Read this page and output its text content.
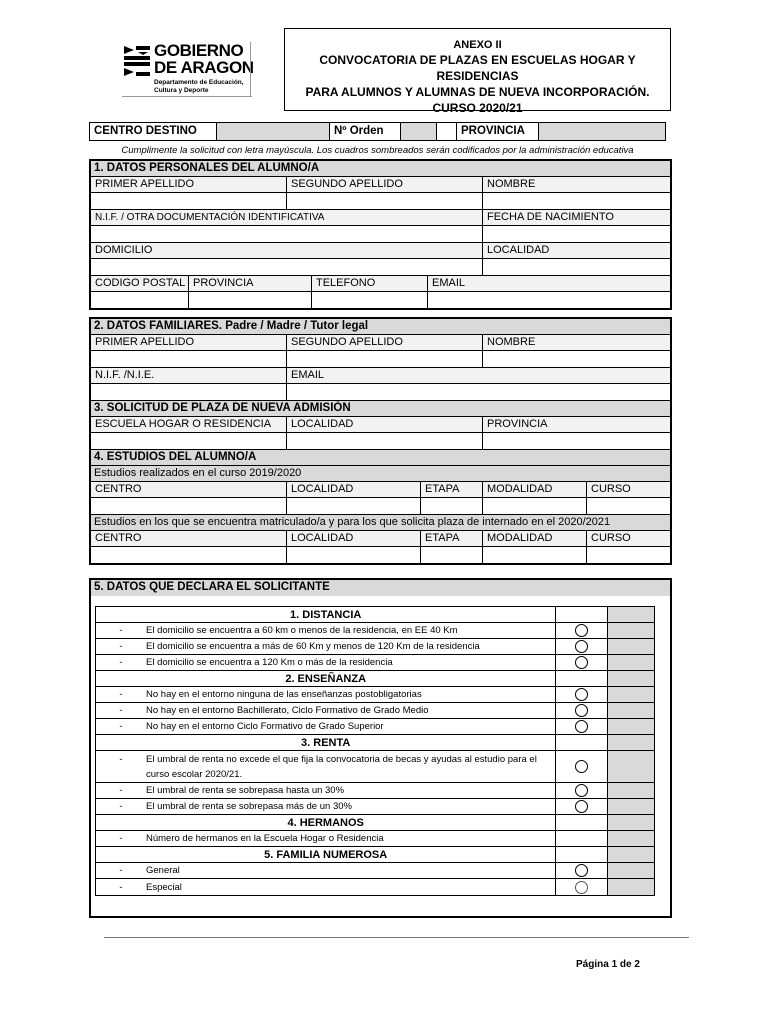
GOBIERNO
DE ARAGON
Departamento de Educación,
Cultura y Deporte
ANEXO II
CONVOCATORIA DE PLAZAS EN ESCUELAS HOGAR Y RESIDENCIAS
PARA ALUMNOS Y ALUMNAS DE NUEVA INCORPORACIÓN.
CURSO 2020/21
CENTRO DESTINO	Nº Orden	PROVINCIA
Cumplimente la solicitud con letra mayúscula. Los cuadros sombreados serán codificados por la administración educativa
1. DATOS PERSONALES DEL ALUMNO/A
PRIMER APELLIDO	SEGUNDO APELLIDO	NOMBRE
N.I.F. / OTRA DOCUMENTACIÓN IDENTIFICATIVA	FECHA DE NACIMIENTO
DOMICILIO	LOCALIDAD
CODIGO POSTAL PROVINCIA	TELEFONO	EMAIL
2. DATOS FAMILIARES. Padre / Madre / Tutor legal
PRIMER APELLIDO	SEGUNDO APELLIDO	NOMBRE
N.I.F. /N.I.E.	EMAIL
3. SOLICITUD DE PLAZA DE NUEVA ADMISIÓN
ESCUELA HOGAR O RESIDENCIA	LOCALIDAD	PROVINCIA
4. ESTUDIOS DEL ALUMNO/A
Estudios realizados en el curso 2019/2020
CENTRO	LOCALIDAD	ETAPA	MODALIDAD	CURSO
Estudios en los que se encuentra matriculado/a y para los que solicita plaza de internado en el 2020/2021
CENTRO	LOCALIDAD	ETAPA	MODALIDAD	CURSO
5. DATOS QUE DECLARA EL SOLICITANTE
1. DISTANCIA
-	El domicilio se encuentra a 60 km o menos de la residencia, en EE 40 Km
-	El domicilio se encuentra a más de 60 Km y menos de 120 Km de la residencia
-	El domicilio se encuentra a 120 Km o más de la residencia
2. ENSEÑANZA
-	No hay en el entorno ninguna de las enseñanzas postobligatorias
-	No hay en el entorno Bachillerato, Ciclo Formativo de Grado Medio
-	No hay en el entorno Ciclo Formativo de Grado Superior
3. RENTA
-	El umbral de renta no excede el que fija la convocatoria de becas y ayudas al estudio para el curso escolar 2020/21.
-	El umbral de renta se sobrepasa hasta un 30%
-	El umbral de renta se sobrepasa más de un 30%
4. HERMANOS
-	Número de hermanos en la Escuela Hogar o Residencia
5. FAMILIA NUMEROSA
-	General
-	Especial
Página 1 de 2
